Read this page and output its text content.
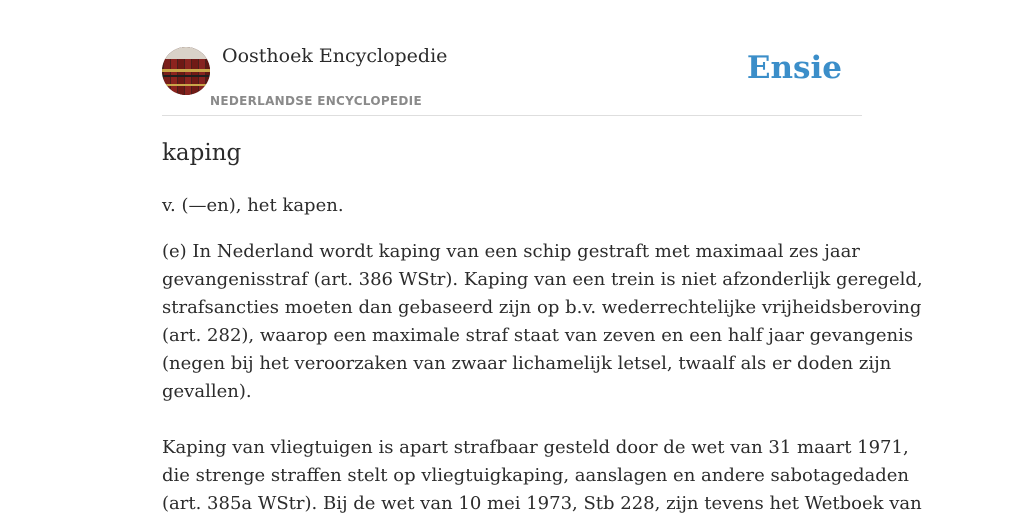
Oosthoek Encyclopedie
NEDERLANDSE ENCYCLOPEDIE
Ensie
kaping

v. (—en), het kapen.

(e) In Nederland wordt kaping van een schip gestraft met maximaal zes jaar
gevangenisstraf (art. 386 WStr). Kaping van een trein is niet afzonderlijk geregeld,
strafsancties moeten dan gebaseerd zijn op b.v. wederrechtelijke vrijheidsberoving
(art. 282), waarop een maximale straf staat van zeven en een half jaar gevangenis
(negen bij het veroorzaken van zwaar lichamelijk letsel, twaalf als er doden zijn
gevallen).
Kaping van vliegtuigen is apart strafbaar gesteld door de wet van 31 maart 1971,
die strenge straffen stelt op vliegtuigkaping, aanslagen en andere sabotagedaden
(art. 385a WStr). Bij de wet van 10 mei 1973, Stb 228, zijn tevens het Wetboek van
